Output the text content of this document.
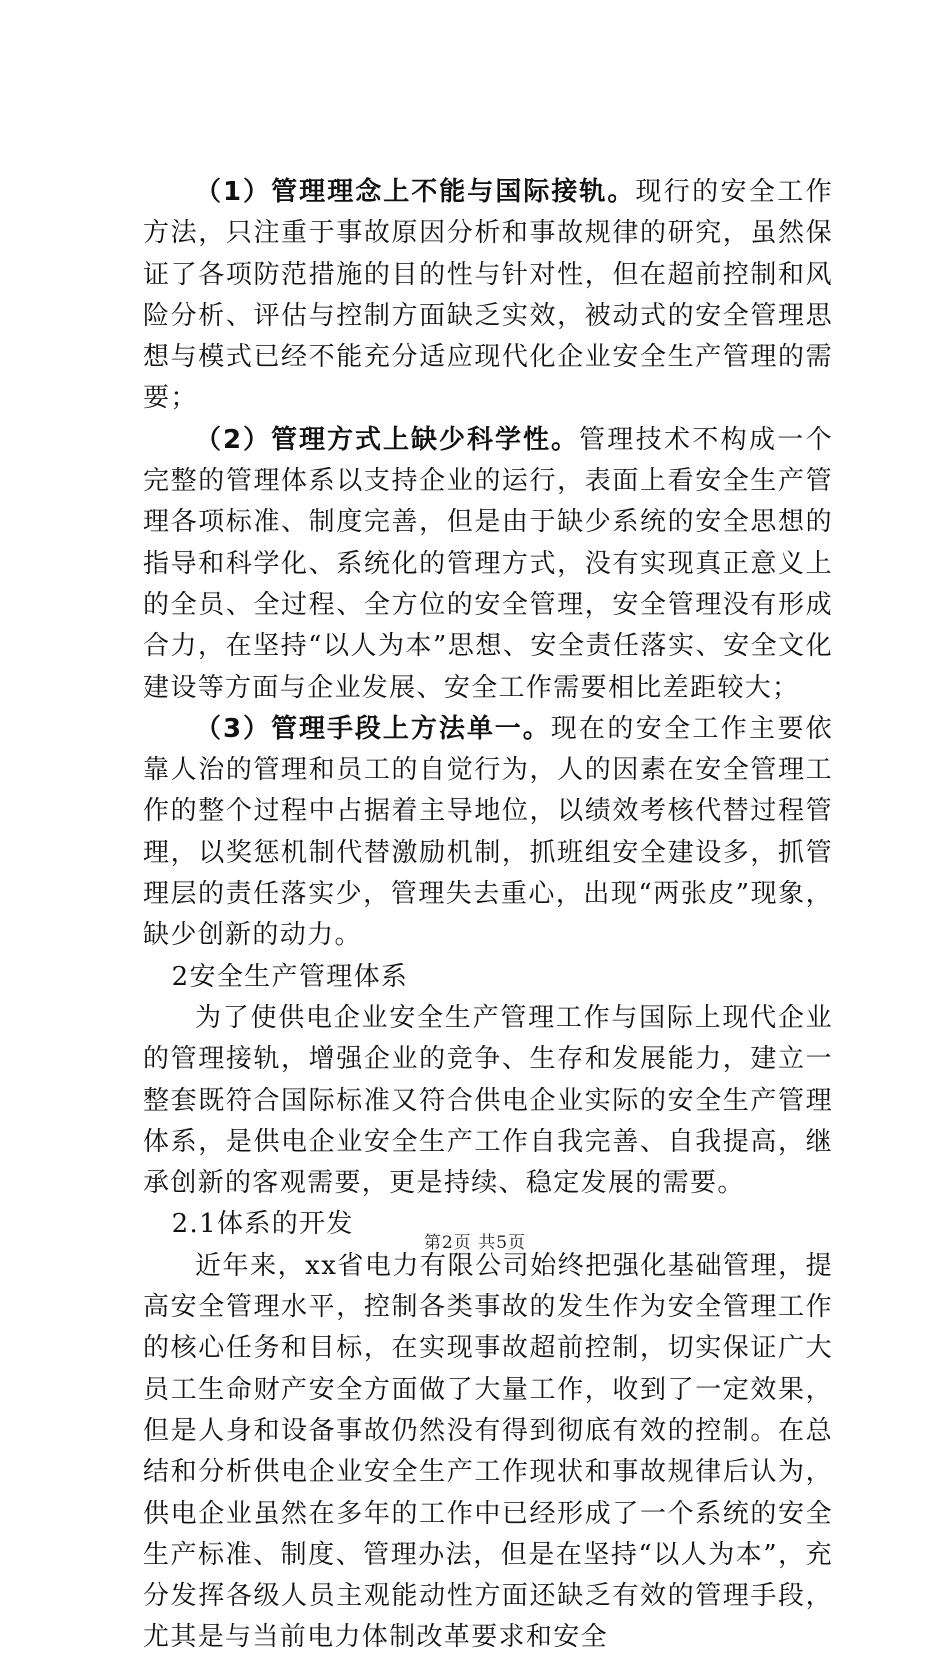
（1）管理理念上不能与国际接轨。现行的安全工作方法，只注重于事故原因分析和事故规律的研究，虽然保证了各项防范措施的目的性与针对性，但在超前控制和风险分析、评估与控制方面缺乏实效，被动式的安全管理思想与模式已经不能充分适应现代化企业安全生产管理的需要；

（2）管理方式上缺少科学性。管理技术不构成一个完整的管理体系以支持企业的运行，表面上看安全生产管理各项标准、制度完善，但是由于缺少系统的安全思想的指导和科学化、系统化的管理方式，没有实现真正意义上的全员、全过程、全方位的安全管理，安全管理没有形成合力，在坚持“以人为本”思想、安全责任落实、安全文化建设等方面与企业发展、安全工作需要相比差距较大；

（3）管理手段上方法单一。现在的安全工作主要依靠人治的管理和员工的自觉行为，人的因素在安全管理工作的整个过程中占据着主导地位，以绩效考核代替过程管理，以奖惩机制代替激励机制，抓班组安全建设多，抓管理层的责任落实少，管理失去重心，出现“两张皮”现象，缺少创新的动力。

2安全生产管理体系

为了使供电企业安全生产管理工作与国际上现代企业的管理接轨，增强企业的竞争、生存和发展能力，建立一整套既符合国际标准又符合供电企业实际的安全生产管理体系，是供电企业安全生产工作自我完善、自我提高，继承创新的客观需要，更是持续、稳定发展的需要。

2.1体系的开发

近年来，xx省电力有限公司始终把强化基础管理，提高安全管理水平，控制各类事故的发生作为安全管理工作的核心任务和目标，在实现事故超前控制，切实保证广大员工生命财产安全方面做了大量工作，收到了一定效果，但是人身和设备事故仍然没有得到彻底有效的控制。在总结和分析供电企业安全生产工作现状和事故规律后认为，供电企业虽然在多年的工作中已经形成了一个系统的安全生产标准、制度、管理办法，但是在坚持“以人为本”，充分发挥各级人员主观能动性方面还缺乏有效的管理手段，尤其是与当前电力体制改革要求和安全

第2页 共5页
